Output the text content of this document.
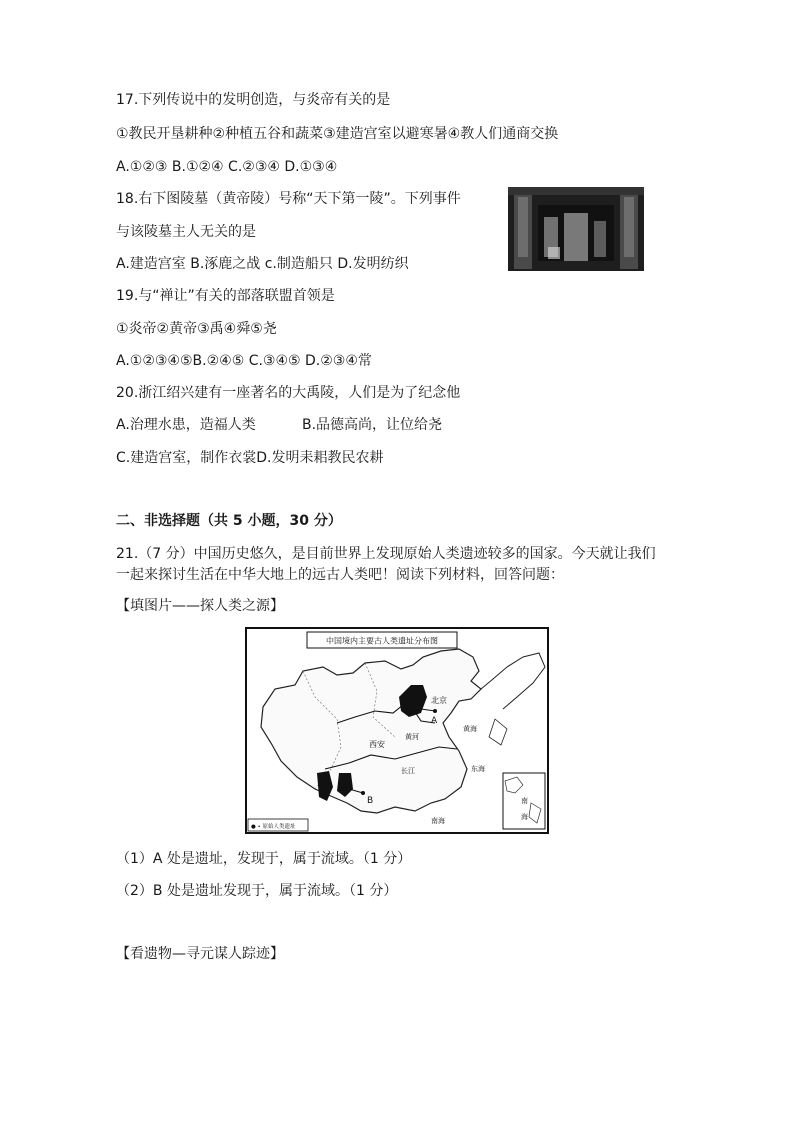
17.下列传说中的发明创造，与炎帝有关的是
①教民开垦耕种②种植五谷和蔬菜③建造宫室以避寒暑④教人们通商交换
A.①②③ B.①②④ C.②③④ D.①③④
18.右下图陵墓（黄帝陵）号称“天下第一陵”。下列事件
与该陵墓主人无关的是
A.建造宫室 B.涿鹿之战 c.制造船只 D.发明纺织
19.与“禅让”有关的部落联盟首领是
①炎帝②黄帝③禹④舜⑤尧
A.①②③④⑤B.②④⑤ C.③④⑤ D.②③④常
20.浙江绍兴建有一座著名的大禹陵，人们是为了纪念他
A.治理水患，造福人类	B.品德高尚，让位给尧
C.建造宫室，制作衣裳D.发明耒耜教民农耕
二、非选择题（共 5 小题，30 分）
21.（7 分）中国历史悠久，是目前世界上发现原始人类遗迹较多的国家。今天就让我们
一起来探讨生活在中华大地上的远古人类吧！阅读下列材料，回答问题：
【填图片——探人类之源】
中国境内主要古人类遗址分布图
北京
A
黄河
西安
长江
黄海
东海
B
南海
南
海
● • 原始人类遗址
（1）A 处是遗址，发现于，属于流域。（1 分）
（2）B 处是遗址发现于，属于流域。（1 分）
【看遗物—寻元谋人踪迹】
